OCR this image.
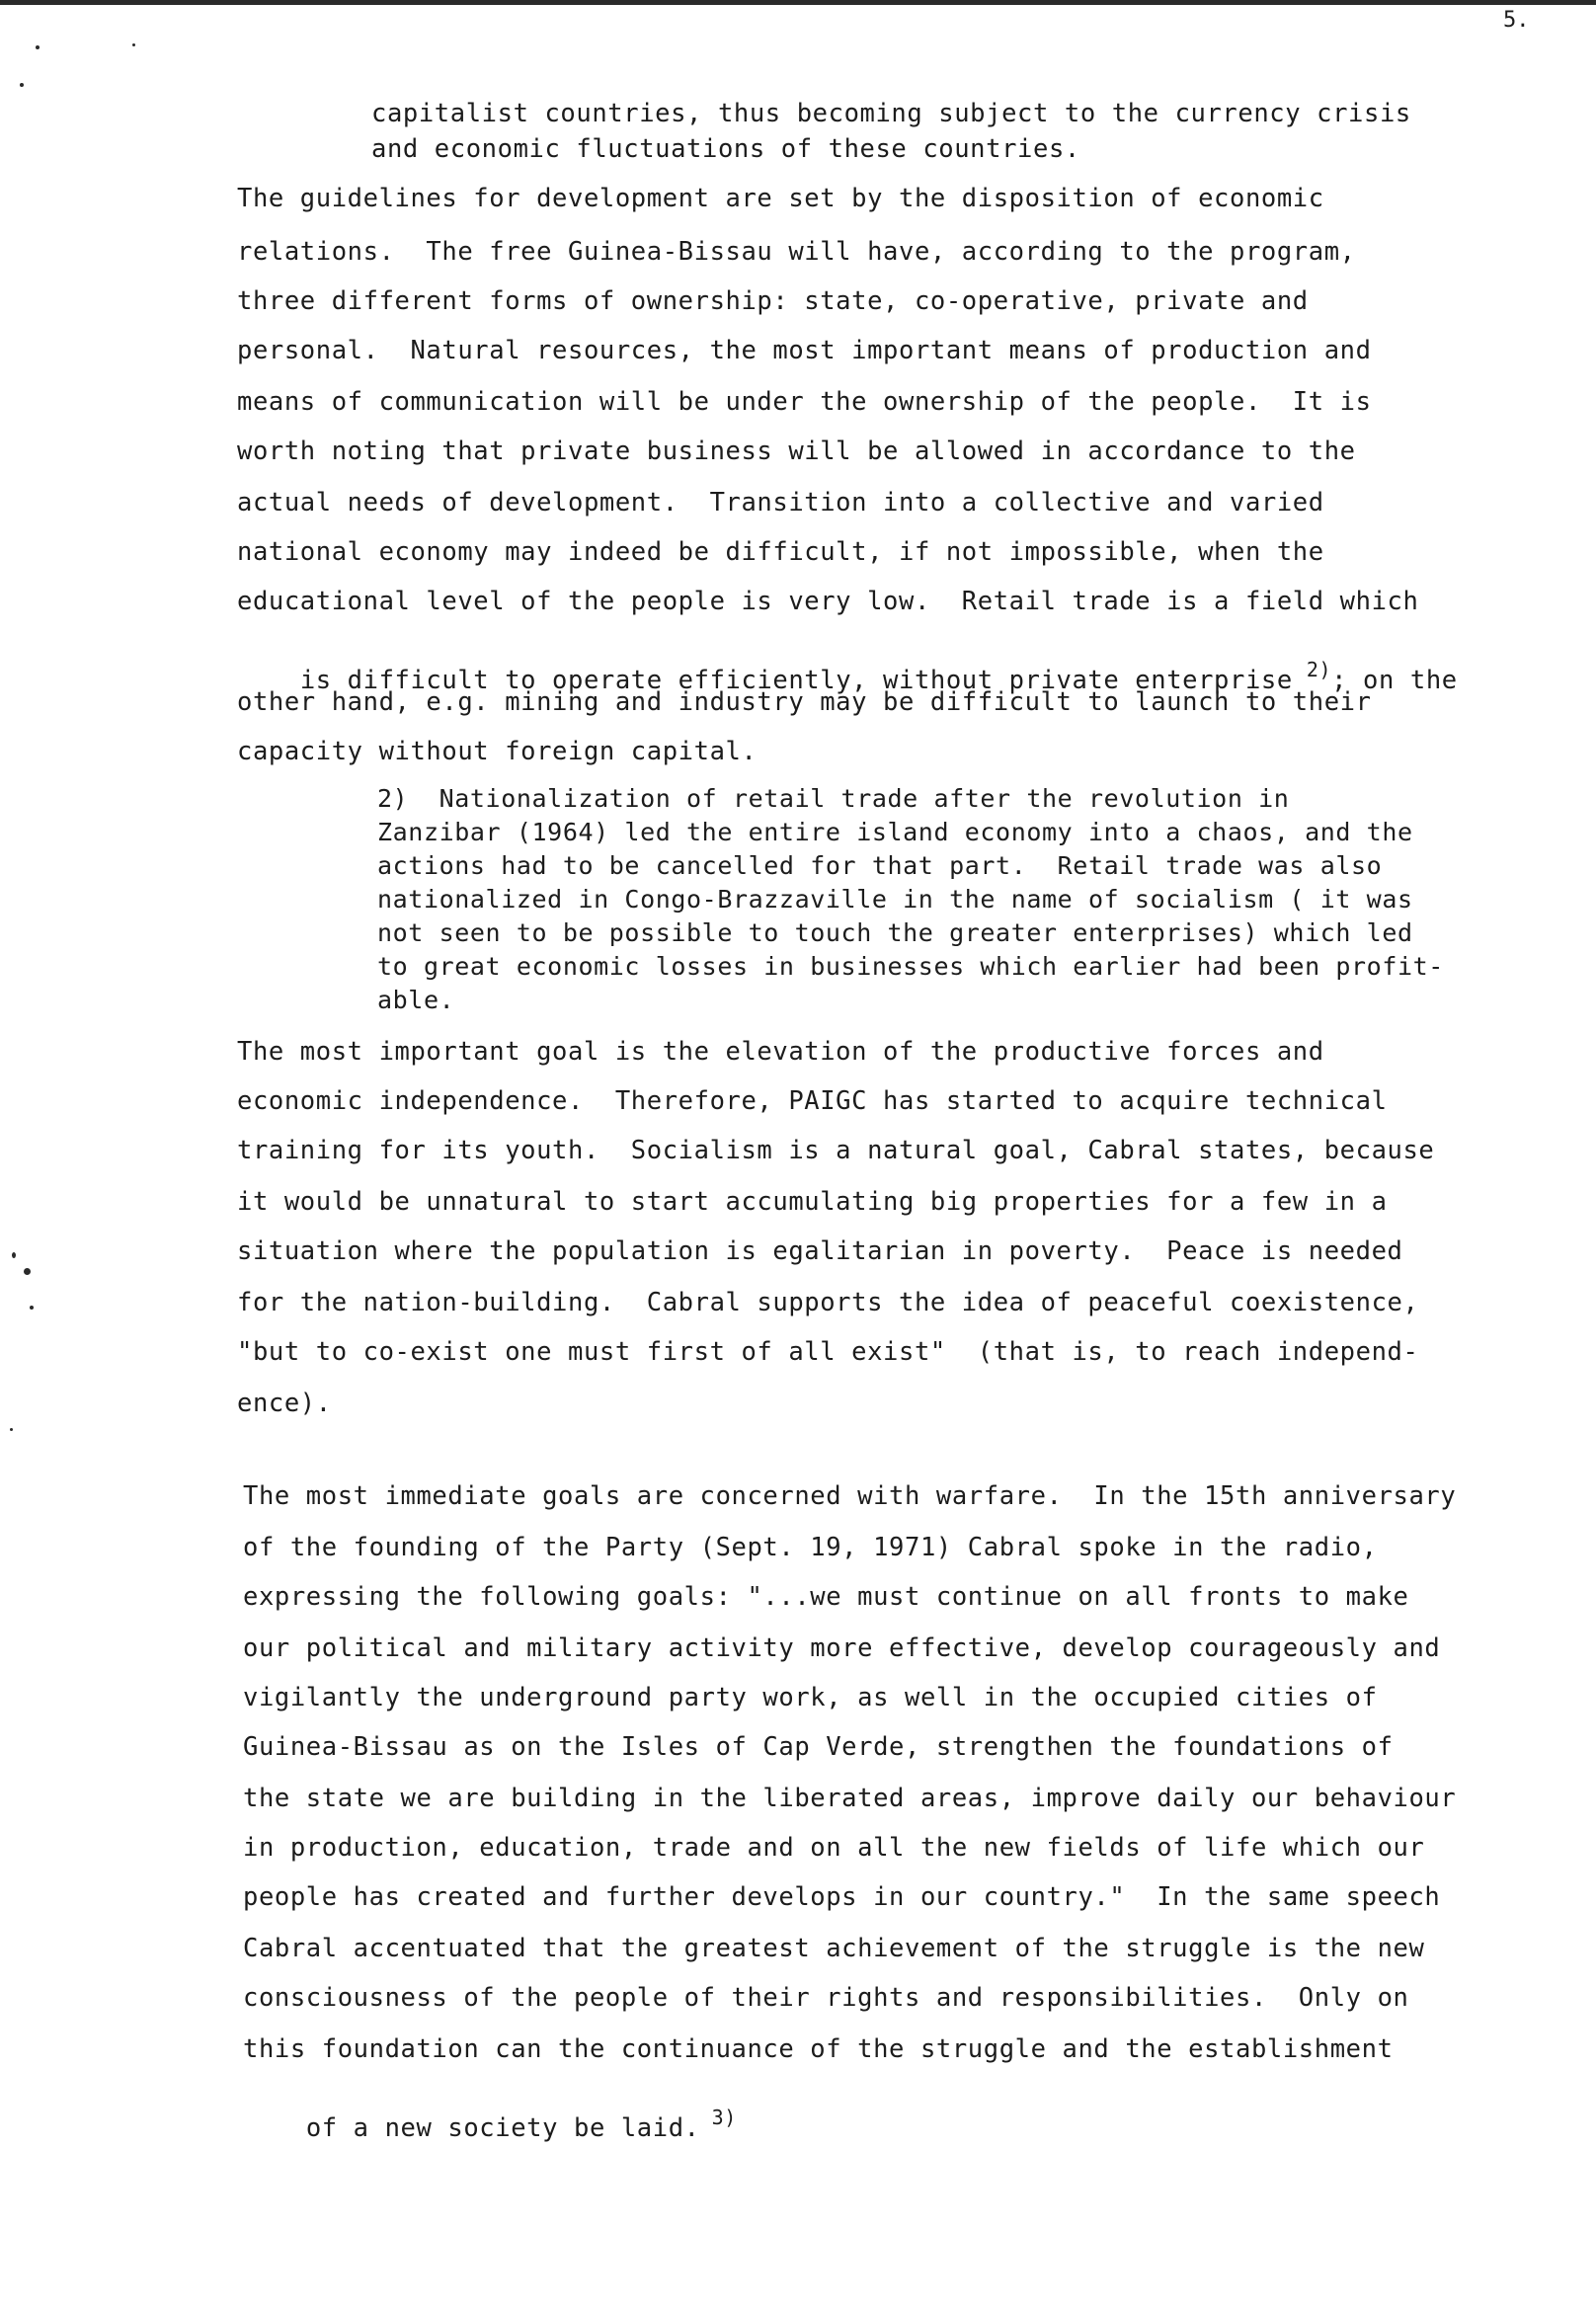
5.
capitalist countries, thus becoming subject to the currency crisis
and economic fluctuations of these countries.
The guidelines for development are set by the disposition of economic
relations.  The free Guinea-Bissau will have, according to the program,
three different forms of ownership: state, co-operative, private and
personal.  Natural resources, the most important means of production and
means of communication will be under the ownership of the people.  It is
worth noting that private business will be allowed in accordance to the
actual needs of development.  Transition into a collective and varied
national economy may indeed be difficult, if not impossible, when the
educational level of the people is very low.  Retail trade is a field which

is difficult to operate efficiently, without private enterprise $^{2)}$; on the

other hand, e.g. mining and industry may be difficult to launch to their
capacity without foreign capital.
2)  Nationalization of retail trade after the revolution in
Zanzibar (1964) led the entire island economy into a chaos, and the
actions had to be cancelled for that part.  Retail trade was also
nationalized in Congo-Brazzaville in the name of socialism ( it was
not seen to be possible to touch the greater enterprises) which led
to great economic losses in businesses which earlier had been profit-
able.
The most important goal is the elevation of the productive forces and
economic independence.  Therefore, PAIGC has started to acquire technical
training for its youth.  Socialism is a natural goal, Cabral states, because
it would be unnatural to start accumulating big properties for a few in a
situation where the population is egalitarian in poverty.  Peace is needed
for the nation-building.  Cabral supports the idea of peaceful coexistence,
"but to co-exist one must first of all exist"  (that is, to reach independ-
ence).
The most immediate goals are concerned with warfare.  In the 15th anniversary
of the founding of the Party (Sept. 19, 1971) Cabral spoke in the radio,
expressing the following goals: "...we must continue on all fronts to make
our political and military activity more effective, develop courageously and
vigilantly the underground party work, as well in the occupied cities of
Guinea-Bissau as on the Isles of Cap Verde, strengthen the foundations of
the state we are building in the liberated areas, improve daily our behaviour
in production, education, trade and on all the new fields of life which our
people has created and further develops in our country."  In the same speech
Cabral accentuated that the greatest achievement of the struggle is the new
consciousness of the people of their rights and responsibilities.  Only on
this foundation can the continuance of the struggle and the establishment

of a new society be laid. $^{3)}$
